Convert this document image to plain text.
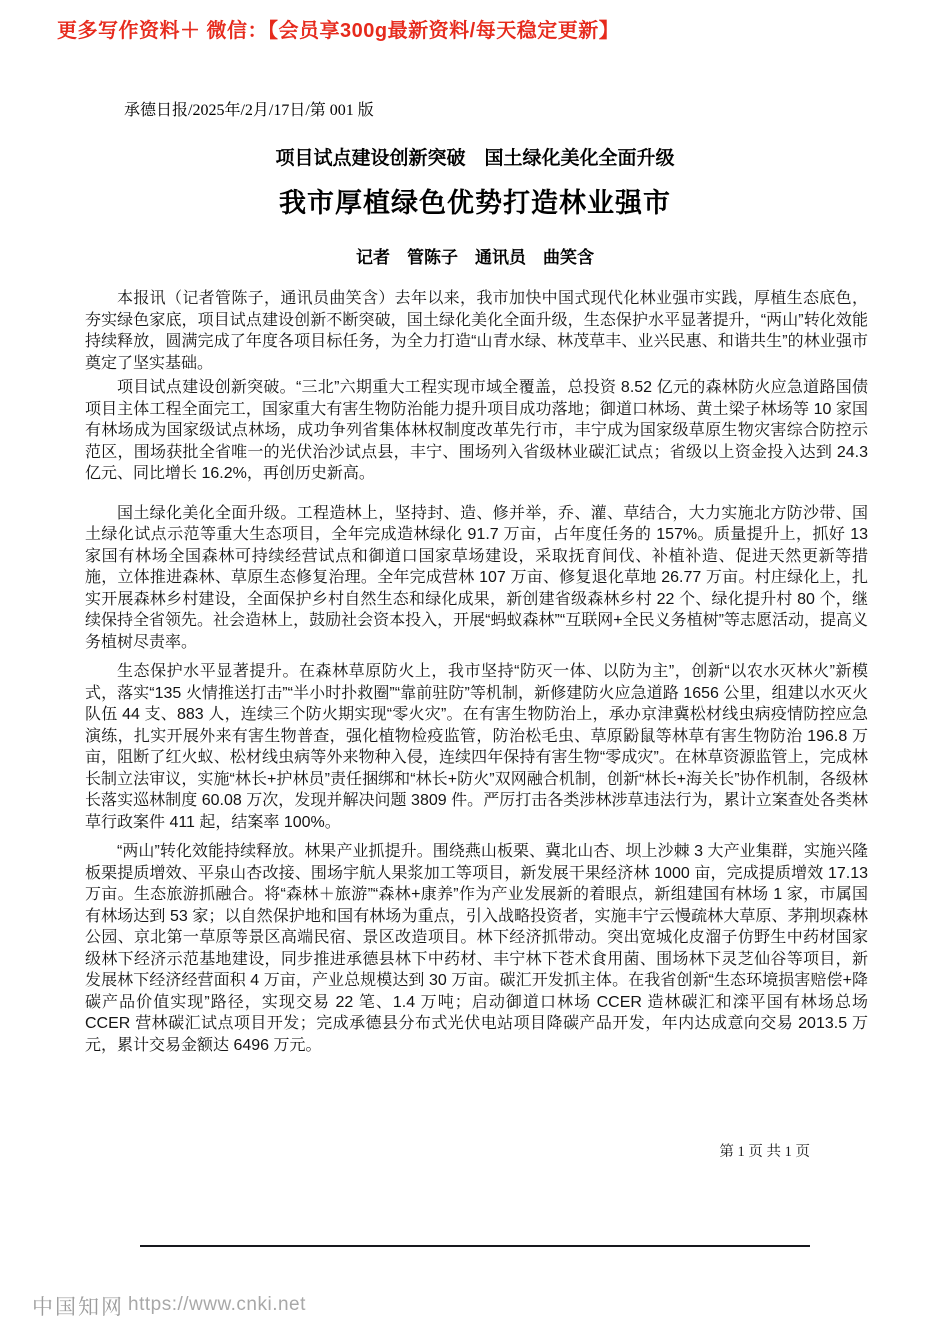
更多写作资料＋ 微信：【会员享300g最新资料/每天稳定更新】
承德日报/2025年/2月/17日/第 001 版
项目试点建设创新突破　国土绿化美化全面升级
我市厚植绿色优势打造林业强市
记者　管陈子　通讯员　曲笑含

本报讯（记者管陈子，通讯员曲笑含）去年以来，我市加快中国式现代化林业强市实践，厚植生态底色，夯实绿色家底，项目试点建设创新不断突破，国土绿化美化全面升级，生态保护水平显著提升，“两山”转化效能持续释放，圆满完成了年度各项目标任务，为全力打造“山青水绿、林茂草丰、业兴民惠、和谐共生”的林业强市奠定了坚实基础。

项目试点建设创新突破。“三北”六期重大工程实现市域全覆盖，总投资 8.52 亿元的森林防火应急道路国债项目主体工程全面完工，国家重大有害生物防治能力提升项目成功落地；御道口林场、黄土梁子林场等 10 家国有林场成为国家级试点林场，成功争列省集体林权制度改革先行市，丰宁成为国家级草原生物灾害综合防控示范区，围场获批全省唯一的光伏治沙试点县，丰宁、围场列入省级林业碳汇试点；省级以上资金投入达到 24.3 亿元、同比增长 16.2%，再创历史新高。

国土绿化美化全面升级。工程造林上，坚持封、造、修并举，乔、灌、草结合，大力实施北方防沙带、国土绿化试点示范等重大生态项目，全年完成造林绿化 91.7 万亩，占年度任务的 157%。质量提升上，抓好 13 家国有林场全国森林可持续经营试点和御道口国家草场建设，采取抚育间伐、补植补造、促进天然更新等措施，立体推进森林、草原生态修复治理。全年完成营林 107 万亩、修复退化草地 26.77 万亩。村庄绿化上，扎实开展森林乡村建设，全面保护乡村自然生态和绿化成果，新创建省级森林乡村 22 个、绿化提升村 80 个，继续保持全省领先。社会造林上，鼓励社会资本投入，开展“蚂蚁森林”“互联网+全民义务植树”等志愿活动，提高义务植树尽责率。

生态保护水平显著提升。在森林草原防火上，我市坚持“防灭一体、以防为主”，创新“以农水灭林火”新模式，落实“135 火情推送打击”“半小时扑救圈”“靠前驻防”等机制，新修建防火应急道路 1656 公里，组建以水灭火队伍 44 支、883 人，连续三个防火期实现“零火灾”。在有害生物防治上，承办京津冀松材线虫病疫情防控应急演练，扎实开展外来有害生物普查，强化植物检疫监管，防治松毛虫、草原鼢鼠等林草有害生物防治 196.8 万亩，阻断了红火蚁、松材线虫病等外来物种入侵，连续四年保持有害生物“零成灾”。在林草资源监管上，完成林长制立法审议，实施“林长+护林员”责任捆绑和“林长+防火”双网融合机制，创新“林长+海关长”协作机制，各级林长落实巡林制度 60.08 万次，发现并解决问题 3809 件。严厉打击各类涉林涉草违法行为，累计立案查处各类林草行政案件 411 起，结案率 100%。

“两山”转化效能持续释放。林果产业抓提升。围绕燕山板栗、冀北山杏、坝上沙棘 3 大产业集群，实施兴隆板栗提质增效、平泉山杏改接、围场宇航人果浆加工等项目，新发展干果经济林 1000 亩，完成提质增效 17.13 万亩。生态旅游抓融合。将“森林＋旅游”“森林+康养”作为产业发展新的着眼点，新组建国有林场 1 家，市属国有林场达到 53 家；以自然保护地和国有林场为重点，引入战略投资者，实施丰宁云慢疏林大草原、茅荆坝森林公园、京北第一草原等景区高端民宿、景区改造项目。林下经济抓带动。突出宽城化皮溜子仿野生中药材国家级林下经济示范基地建设，同步推进承德县林下中药材、丰宁林下苍术食用菌、围场林下灵芝仙谷等项目，新发展林下经济经营面积 4 万亩，产业总规模达到 30 万亩。碳汇开发抓主体。在我省创新“生态环境损害赔偿+降碳产品价值实现”路径，实现交易 22 笔、1.4 万吨；启动御道口林场 CCER 造林碳汇和滦平国有林场总场 CCER 营林碳汇试点项目开发；完成承德县分布式光伏电站项目降碳产品开发，年内达成意向交易 2013.5 万元，累计交易金额达 6496 万元。

第 1 页 共 1 页
中国知网 https://www.cnki.net
